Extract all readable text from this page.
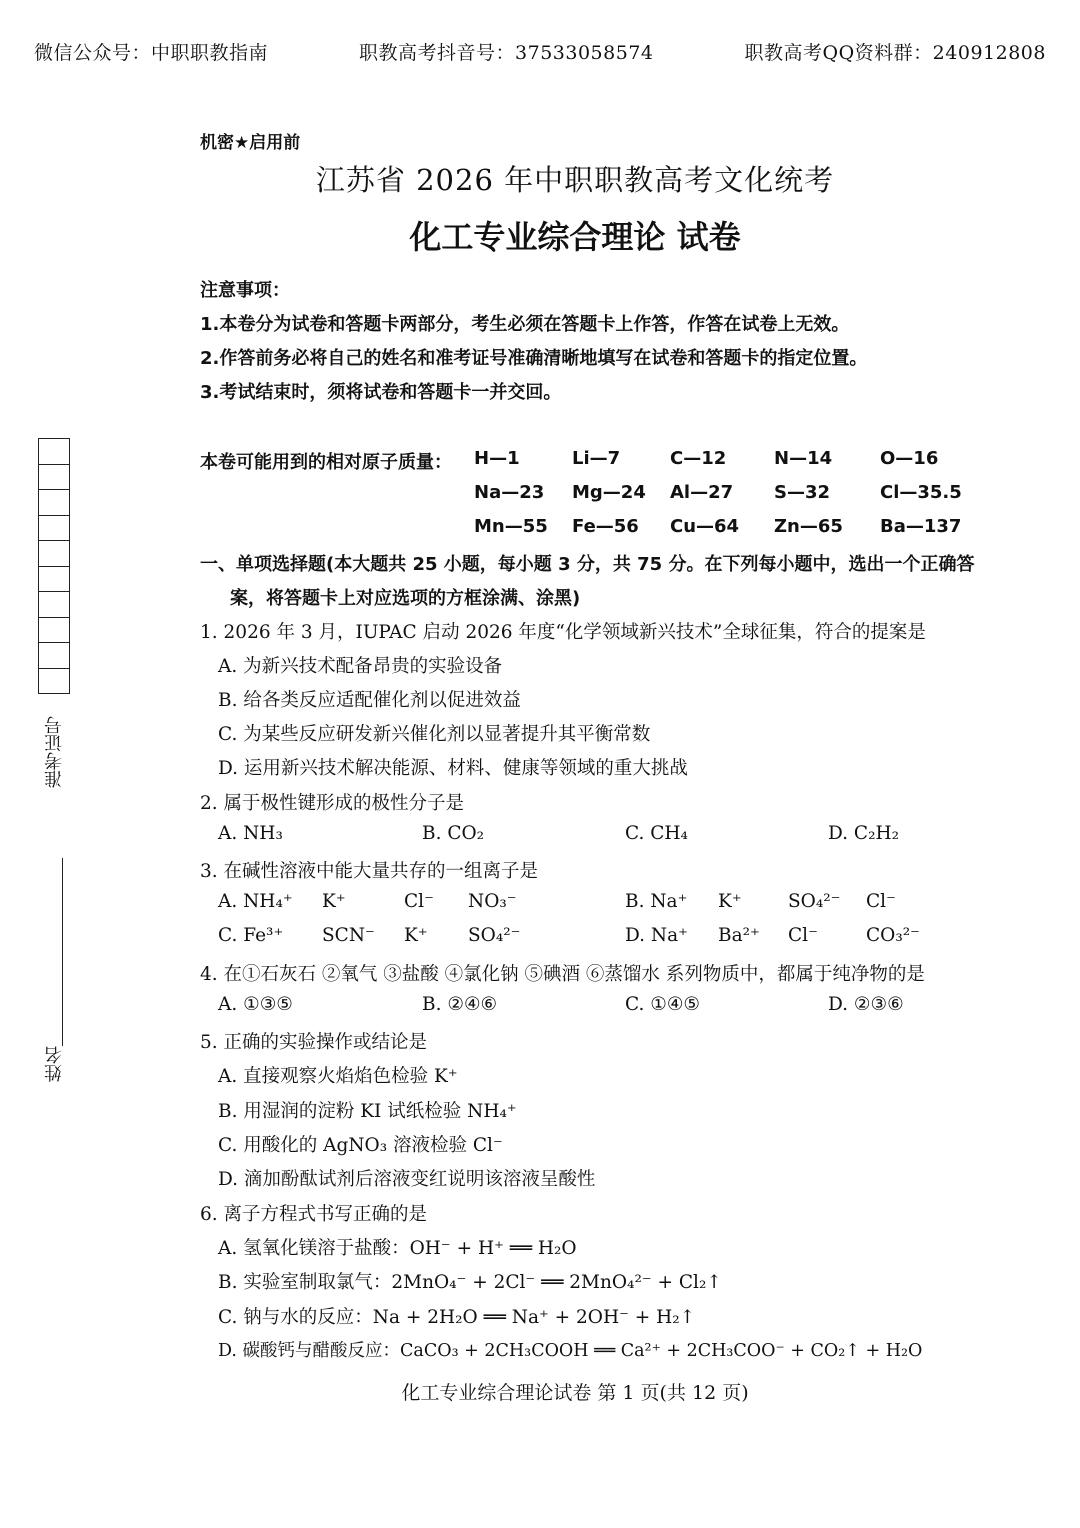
微信公众号：中职职教指南	职教高考抖音号：37533058574	职教高考QQ资料群：240912808
机密★启用前
江苏省 2026 年中职职教高考文化统考
化工专业综合理论 试卷
注意事项：
1.本卷分为试卷和答题卡两部分，考生必须在答题卡上作答，作答在试卷上无效。
2.作答前务必将自己的姓名和准考证号准确清晰地填写在试卷和答题卡的指定位置。
3.考试结束时，须将试卷和答题卡一并交回。
准考证号
姓名
本卷可能用到的相对原子质量： H—1	Li—7	C—12	N—14	O—16
Na—23 Mg—24 Al—27 S—32	Cl—35.5
Mn—55 Fe—56 Cu—64 Zn—65 Ba—137
一、单项选择题(本大题共 25 小题，每小题 3 分，共 75 分。在下列每小题中，选出一个正确答
案，将答题卡上对应选项的方框涂满、涂黑)
1. 2026 年 3 月，IUPAC 启动 2026 年度“化学领域新兴技术”全球征集，符合的提案是
A. 为新兴技术配备昂贵的实验设备
B. 给各类反应适配催化剂以促进效益
C. 为某些反应研发新兴催化剂以显著提升其平衡常数
D. 运用新兴技术解决能源、材料、健康等领域的重大挑战
2. 属于极性键形成的极性分子是
A. NH₃	B. CO₂	C. CH₄	D. C₂H₂
3. 在碱性溶液中能大量共存的一组离子是
A. NH₄⁺ K⁺	Cl⁻ NO₃⁻	B. Na⁺ K⁺	SO₄²⁻ Cl⁻
C. Fe³⁺ SCN⁻ K⁺ SO₄²⁻	D. Na⁺ Ba²⁺ Cl⁻	CO₃²⁻
4. 在①石灰石 ②氧气 ③盐酸 ④氯化钠 ⑤碘酒 ⑥蒸馏水 系列物质中，都属于纯净物的是
A. ①③⑤	B. ②④⑥	C. ①④⑤	D. ②③⑥
5. 正确的实验操作或结论是
A. 直接观察火焰焰色检验 K⁺
B. 用湿润的淀粉 KI 试纸检验 NH₄⁺
C. 用酸化的 AgNO₃ 溶液检验 Cl⁻
D. 滴加酚酞试剂后溶液变红说明该溶液呈酸性
6. 离子方程式书写正确的是
A. 氢氧化镁溶于盐酸：OH⁻ + H⁺ ══ H₂O
B. 实验室制取氯气：2MnO₄⁻ + 2Cl⁻ ══ 2MnO₄²⁻ + Cl₂↑
C. 钠与水的反应：Na + 2H₂O ══ Na⁺ + 2OH⁻ + H₂↑
D. 碳酸钙与醋酸反应：CaCO₃ + 2CH₃COOH ══ Ca²⁺ + 2CH₃COO⁻ + CO₂↑ + H₂O
化工专业综合理论试卷 第 1 页(共 12 页)
